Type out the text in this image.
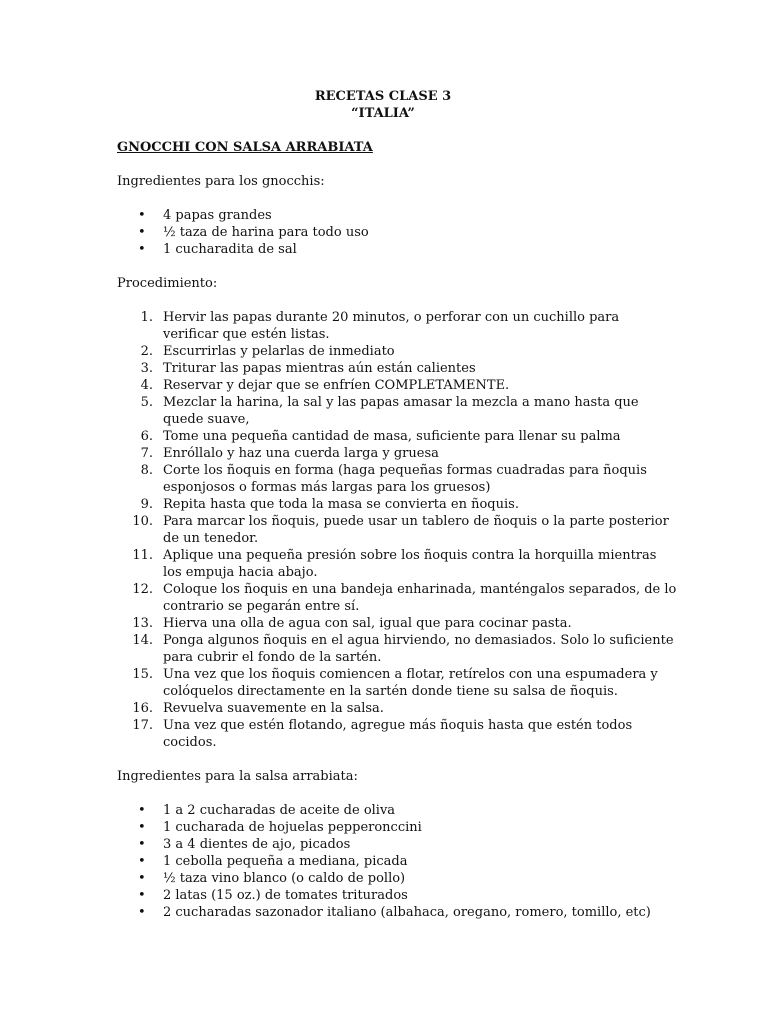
RECETAS CLASE 3
“ITALIA”
GNOCCHI CON SALSA ARRABIATA
Ingredientes para los gnocchis:
• 4 papas grandes
• ½ taza de harina para todo uso
• 1 cucharadita de sal
Procedimiento:
1. Hervir las papas durante 20 minutos, o perforar con un cuchillo para verificar que estén listas.
2. Escurrirlas y pelarlas de inmediato
3. Triturar las papas mientras aún están calientes
4. Reservar y dejar que se enfríen COMPLETAMENTE.
5. Mezclar la harina, la sal y las papas amasar la mezcla a mano hasta que quede suave,
6. Tome una pequeña cantidad de masa, suficiente para llenar su palma
7. Enróllalo y haz una cuerda larga y gruesa
8. Corte los ñoquis en forma (haga pequeñas formas cuadradas para ñoquis esponjosos o formas más largas para los gruesos)
9. Repita hasta que toda la masa se convierta en ñoquis.
10. Para marcar los ñoquis, puede usar un tablero de ñoquis o la parte posterior de un tenedor.
11. Aplique una pequeña presión sobre los ñoquis contra la horquilla mientras los empuja hacia abajo.
12. Coloque los ñoquis en una bandeja enharinada, manténgalos separados, de lo contrario se pegarán entre sí.
13. Hierva una olla de agua con sal, igual que para cocinar pasta.
14. Ponga algunos ñoquis en el agua hirviendo, no demasiados. Solo lo suficiente para cubrir el fondo de la sartén.
15. Una vez que los ñoquis comiencen a flotar, retírelos con una espumadera y colóquelos directamente en la sartén donde tiene su salsa de ñoquis.
16. Revuelva suavemente en la salsa.
17. Una vez que estén flotando, agregue más ñoquis hasta que estén todos cocidos.
Ingredientes para la salsa arrabiata:
• 1 a 2 cucharadas de aceite de oliva
• 1 cucharada de hojuelas pepperonccini
• 3 a 4 dientes de ajo, picados
• 1 cebolla pequeña a mediana, picada
• ½ taza vino blanco (o caldo de pollo)
• 2 latas (15 oz.) de tomates triturados
• 2 cucharadas sazonador italiano (albahaca, oregano, romero, tomillo, etc)
